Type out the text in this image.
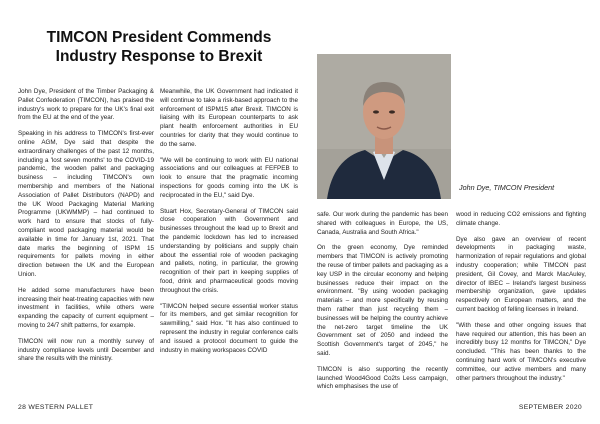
TIMCON President Commends
Industry Response to Brexit

John Dye, President of the Timber Packaging & Pallet Confederation (TIMCON), has praised the industry's work to prepare for the UK's final exit from the EU at the end of the year.

Speaking in his address to TIMCON's first-ever online AGM, Dye said that despite the extraordinary challenges of the past 12 months, including a 'lost seven months' to the COVID-19 pandemic, the wooden pallet and packaging business – including TIMCON's own membership and members of the National Association of Pallet Distributors (NAPD) and the UK Wood Packaging Material Marking Programme (UKWMMP) – had continued to work hard to ensure that stocks of fully-compliant wood packaging material would be available in time for January 1st, 2021. That date marks the beginning of ISPM 15 requirements for pallets moving in either direction between the UK and the European Union.

He added some manufacturers have been increasing their heat-treating capacities with new investment in facilities, while others were expanding the capacity of current equipment – moving to 24/7 shift patterns, for example.

TIMCON will now run a monthly survey of industry compliance levels until December and share the results with the ministry.

Meanwhile, the UK Government had indicated it will continue to take a risk-based approach to the enforcement of ISPM15 after Brexit. TIMCON is liaising with its European counterparts to ask plant health enforcement authorities in EU countries for clarity that they would continue to do the same.

"We will be continuing to work with EU national associations and our colleagues at FEFPEB to look to ensure that the pragmatic incoming inspections for goods coming into the UK is reciprocated in the EU," said Dye.

Stuart Hox, Secretary-General of TIMCON said close cooperation with Government and businesses throughout the lead up to Brexit and the pandemic lockdown has led to increased understanding by politicians and supply chain about the essential role of wooden packaging and pallets, noting, in particular, the growing recognition of their part in keeping supplies of food, drink and pharmaceutical goods moving throughout the crisis.

"TIMCON helped secure essential worker status for its members, and get similar recognition for sawmilling," said Hox. "It has also continued to represent the industry in regular conference calls and issued a protocol document to guide the industry in making workspaces COVID

John Dye, TIMCON President

safe. Our work during the pandemic has been shared with colleagues in Europe, the US, Canada, Australia and South Africa."

On the green economy, Dye reminded members that TIMCON is actively promoting the reuse of timber pallets and packaging as a key USP in the circular economy and helping businesses reduce their impact on the environment. "By using wooden packaging materials – and more specifically by reusing them rather than just recycling them – businesses will be helping the country achieve the net-zero target timeline the UK Government set of 2050 and indeed the Scottish Government's target of 2045," he said.

TIMCON is also supporting the recently launched Wood4Good Co2ts Less campaign, which emphasises the use of

wood in reducing CO2 emissions and fighting climate change.

Dye also gave an overview of recent developments in packaging waste, harmonization of repair regulations and global industry cooperation; while TIMCON past president, Gil Covey, and Marck MacAuley, director of IBEC – Ireland's largest business membership organization, gave updates respectively on European matters, and the current backlog of felling licenses in Ireland.

"With these and other ongoing issues that have required our attention, this has been an incredibly busy 12 months for TIMCON," Dye concluded. "This has been thanks to the continuing hard work of TIMCON's executive committee, our active members and many other partners throughout the industry."

28 WESTERN PALLET	SEPTEMBER 2020
